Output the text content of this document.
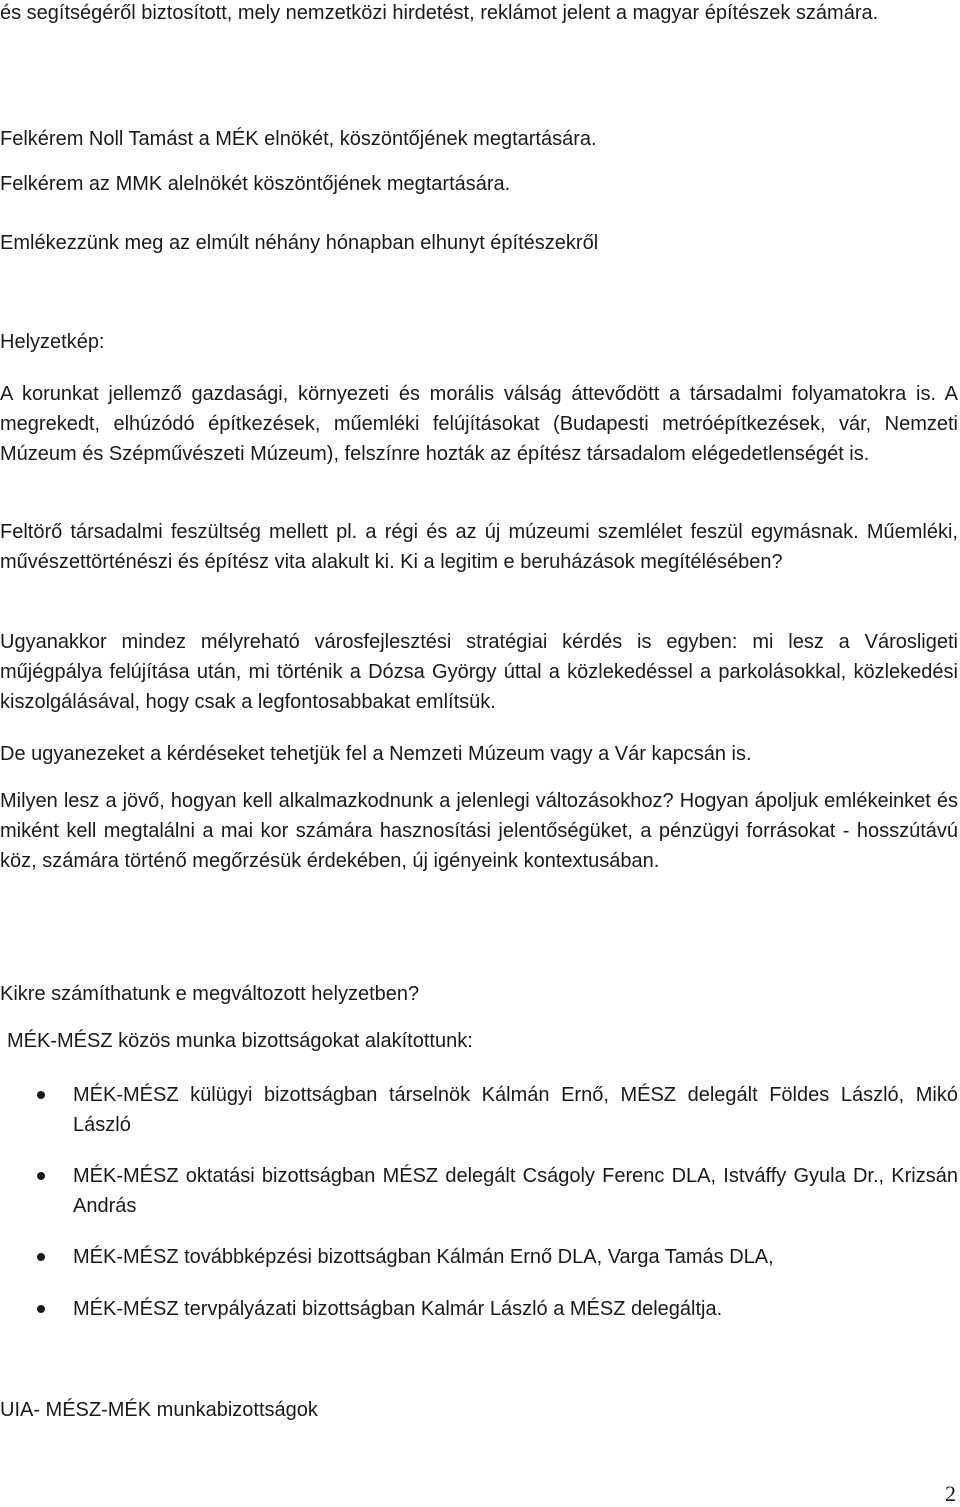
és segítségéről biztosított, mely nemzetközi hirdetést, reklámot jelent a magyar építészek számára.

Felkérem Noll Tamást a MÉK elnökét, köszöntőjének megtartására.

Felkérem az MMK alelnökét köszöntőjének megtartására.

Emlékezzünk meg az elmúlt néhány hónapban elhunyt építészekről

Helyzetkép:

A korunkat jellemző gazdasági, környezeti és morális válság áttevődött a társadalmi folyamatokra is. A megrekedt, elhúzódó építkezések, műemléki felújításokat (Budapesti metróépítkezések, vár, Nemzeti Múzeum és Szépművészeti Múzeum), felszínre hozták az építész társadalom elégedetlenségét is.

Feltörő társadalmi feszültség mellett pl. a régi és az új múzeumi szemlélet feszül egymásnak. Műemléki, művészettörténészi és építész vita alakult ki. Ki a legitim e beruházások megítélésében?

Ugyanakkor mindez mélyreható városfejlesztési stratégiai kérdés is egyben: mi lesz a Városligeti műjégpálya felújítása után, mi történik a Dózsa György úttal a közlekedéssel a parkolásokkal, közlekedési kiszolgálásával, hogy csak a legfontosabbakat említsük.

De ugyanezeket a kérdéseket tehetjük fel a Nemzeti Múzeum vagy a Vár kapcsán is.

Milyen lesz a jövő, hogyan kell alkalmazkodnunk a jelenlegi változásokhoz? Hogyan ápoljuk emlékeinket és miként kell megtalálni a mai kor számára hasznosítási jelentőségüket, a pénzügyi forrásokat - hosszútávú köz, számára történő megőrzésük érdekében, új igényeink kontextusában.

Kikre számíthatunk e megváltozott helyzetben?

MÉK-MÉSZ közös munka bizottságokat alakítottunk:

MÉK-MÉSZ külügyi bizottságban társelnök Kálmán Ernő, MÉSZ delegált Földes László, Mikó László

MÉK-MÉSZ oktatási bizottságban MÉSZ delegált Cságoly Ferenc DLA, Istváffy Gyula Dr., Krizsán András

MÉK-MÉSZ továbbképzési bizottságban Kálmán Ernő DLA, Varga Tamás DLA,

MÉK-MÉSZ tervpályázati bizottságban Kalmár László a MÉSZ delegáltja.

UIA- MÉSZ-MÉK munkabizottságok

2
